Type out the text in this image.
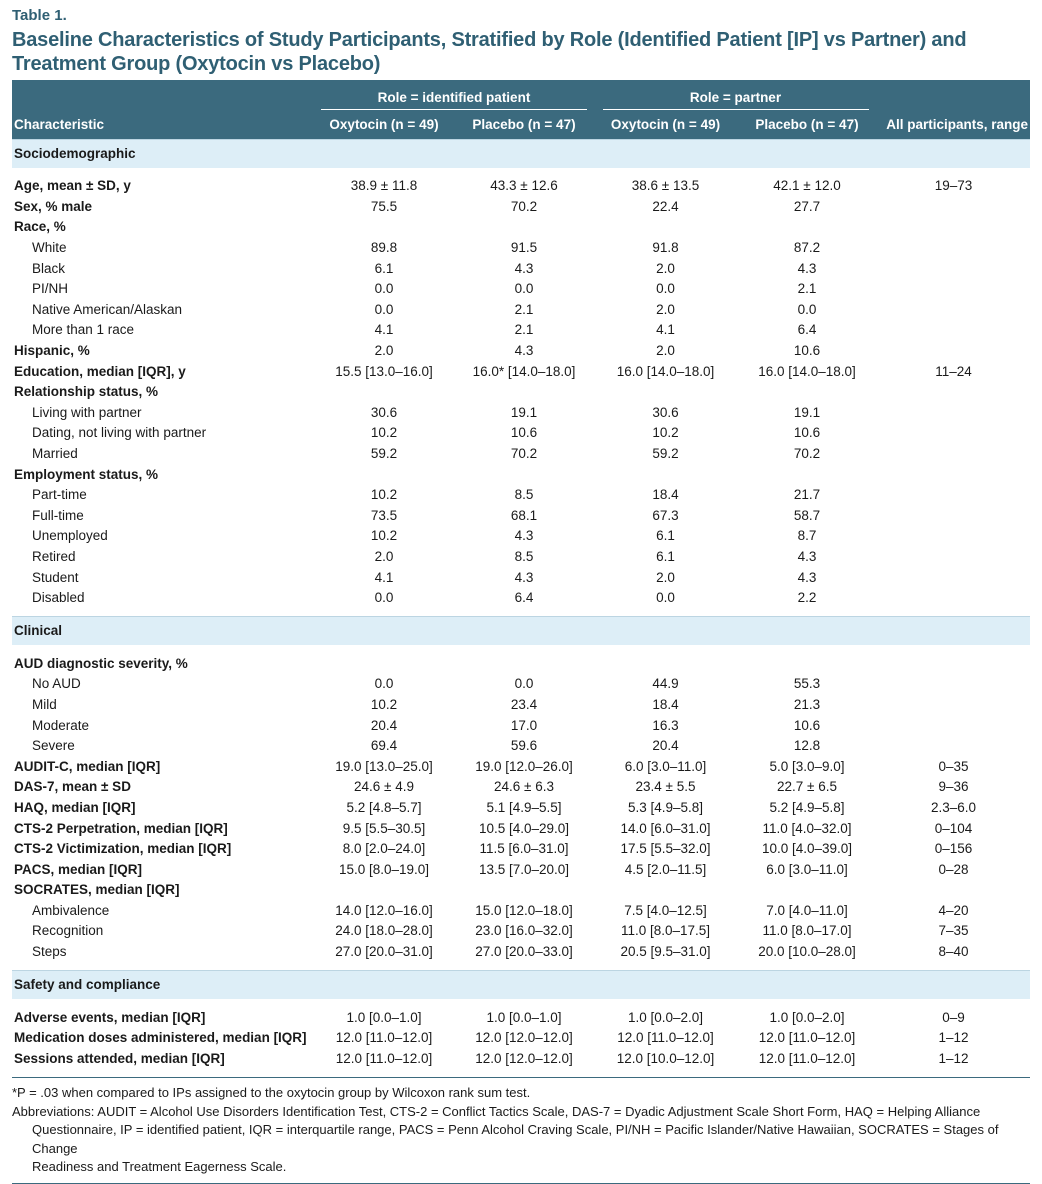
Table 1.
Baseline Characteristics of Study Participants, Stratified by Role (Identified Patient [IP] vs Partner) and Treatment Group (Oxytocin vs Placebo)
	Role = identified patient		Role = partner		
Characteristic	Oxytocin (n = 49)	Placebo (n = 47)	Oxytocin (n = 49)	Placebo (n = 47)	All participants, range
Sociodemographic					

Age, mean ± SD, y	38.9 ± 11.8	43.3 ± 12.6	38.6 ± 13.5	42.1 ± 12.0	19–73
Sex, % male	75.5	70.2	22.4	27.7	
Race, %					
White	89.8	91.5	91.8	87.2	
Black	6.1	4.3	2.0	4.3	
PI/NH	0.0	0.0	0.0	2.1	
Native American/Alaskan	0.0	2.1	2.0	0.0	
More than 1 race	4.1	2.1	4.1	6.4	
Hispanic, %	2.0	4.3	2.0	10.6	
Education, median [IQR], y	15.5 [13.0–16.0]	16.0* [14.0–18.0]	16.0 [14.0–18.0]	16.0 [14.0–18.0]	11–24
Relationship status, %					
Living with partner	30.6	19.1	30.6	19.1	
Dating, not living with partner	10.2	10.6	10.2	10.6	
Married	59.2	70.2	59.2	70.2	
Employment status, %					
Part-time	10.2	8.5	18.4	21.7	
Full-time	73.5	68.1	67.3	58.7	
Unemployed	10.2	4.3	6.1	8.7	
Retired	2.0	8.5	6.1	4.3	
Student	4.1	4.3	2.0	4.3	
Disabled	0.0	6.4	0.0	2.2	

Clinical					

AUD diagnostic severity, %					
No AUD	0.0	0.0	44.9	55.3	
Mild	10.2	23.4	18.4	21.3	
Moderate	20.4	17.0	16.3	10.6	
Severe	69.4	59.6	20.4	12.8	
AUDIT-C, median [IQR]	19.0 [13.0–25.0]	19.0 [12.0–26.0]	6.0 [3.0–11.0]	5.0 [3.0–9.0]	0–35
DAS-7, mean ± SD	24.6 ± 4.9	24.6 ± 6.3	23.4 ± 5.5	22.7 ± 6.5	9–36
HAQ, median [IQR]	5.2 [4.8–5.7]	5.1 [4.9–5.5]	5.3 [4.9–5.8]	5.2 [4.9–5.8]	2.3–6.0
CTS-2 Perpetration, median [IQR]	9.5 [5.5–30.5]	10.5 [4.0–29.0]	14.0 [6.0–31.0]	11.0 [4.0–32.0]	0–104
CTS-2 Victimization, median [IQR]	8.0 [2.0–24.0]	11.5 [6.0–31.0]	17.5 [5.5–32.0]	10.0 [4.0–39.0]	0–156
PACS, median [IQR]	15.0 [8.0–19.0]	13.5 [7.0–20.0]	4.5 [2.0–11.5]	6.0 [3.0–11.0]	0–28
SOCRATES, median [IQR]					
Ambivalence	14.0 [12.0–16.0]	15.0 [12.0–18.0]	7.5 [4.0–12.5]	7.0 [4.0–11.0]	4–20
Recognition	24.0 [18.0–28.0]	23.0 [16.0–32.0]	11.0 [8.0–17.5]	11.0 [8.0–17.0]	7–35
Steps	27.0 [20.0–31.0]	27.0 [20.0–33.0]	20.5 [9.5–31.0]	20.0 [10.0–28.0]	8–40

Safety and compliance					

Adverse events, median [IQR]	1.0 [0.0–1.0]	1.0 [0.0–1.0]	1.0 [0.0–2.0]	1.0 [0.0–2.0]	0–9
Medication doses administered, median [IQR]	12.0 [11.0–12.0]	12.0 [12.0–12.0]	12.0 [11.0–12.0]	12.0 [11.0–12.0]	1–12
Sessions attended, median [IQR]	12.0 [11.0–12.0]	12.0 [12.0–12.0]	12.0 [10.0–12.0]	12.0 [11.0–12.0]	1–12

*P = .03 when compared to IPs assigned to the oxytocin group by Wilcoxon rank sum test.
Abbreviations: AUDIT = Alcohol Use Disorders Identification Test, CTS-2 = Conflict Tactics Scale, DAS-7 = Dyadic Adjustment Scale Short Form, HAQ = Helping Alliance
Questionnaire, IP = identified patient, IQR = interquartile range, PACS = Penn Alcohol Craving Scale, PI/NH = Pacific Islander/Native Hawaiian, SOCRATES = Stages of Change
Readiness and Treatment Eagerness Scale.
